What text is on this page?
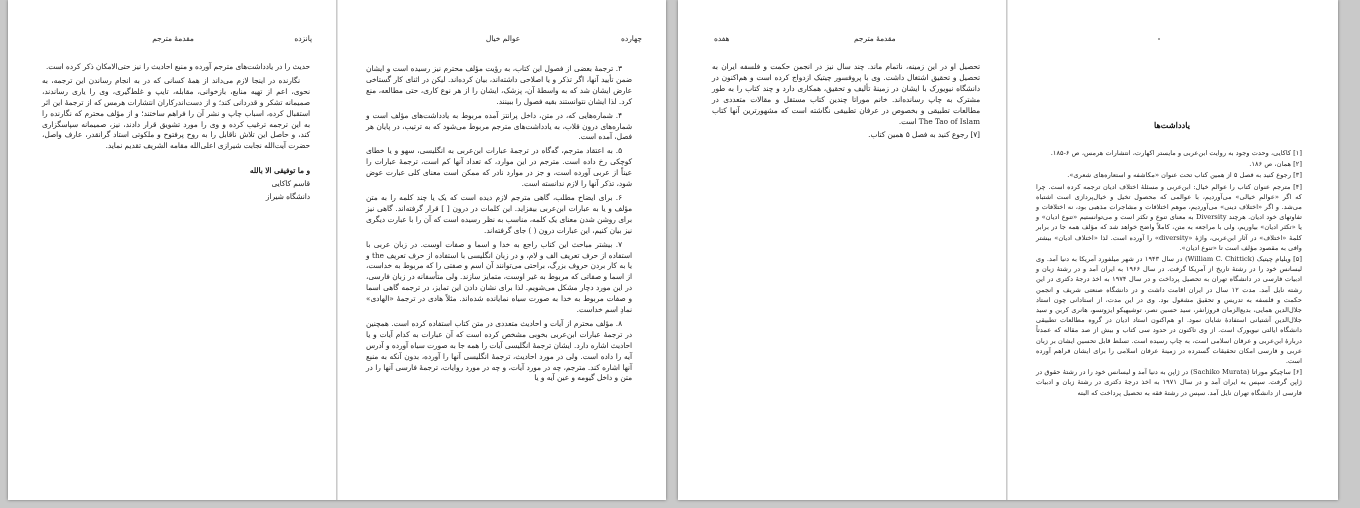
پانزده
مقدمۀ مترجم

حدیث را در یادداشت‌های مترجم آورده و منبع احادیث را نیز حتی‌الامکان ذکر کرده است.

نگارنده در اینجا لازم می‌داند از همۀ کسانی که در به انجام رساندن این ترجمه، به نحوی، اعم از تهیه منابع، بازخوانی، مقابله، تایپ و غلط‌گیری، وی را یاری رساندند، صمیمانه تشکر و قدردانی کند؛ و از دست‌اندرکاران انتشارات هرمس که از ترجمۀ این اثر استقبال کرده، اسباب چاپ و نشر آن را فراهم ساختند؛ و از مؤلف محترم که نگارنده را به این ترجمه ترغیب کرده و وی را مورد تشویق قرار دادند، نیز، صمیمانه سپاسگزاری کند، و حاصل این تلاش ناقابل را به روح پرفتوح و ملکوتی استاد گرانقدر، عارف واصل، حضرت آیت‌الله نجابت شیرازی اعلی‌الله مقامه الشریف تقدیم نماید.

و ما توفیقی الا بالله
قاسم کاکایی
دانشگاه شیراز
چهارده
عوالم خیال

۳. ترجمۀ بعضی از فصول این کتاب، به رؤیت مؤلف محترم نیز رسیده است و ایشان ضمن تأیید آنها، اگر تذکر و یا اصلاحی داشته‌اند، بیان کرده‌اند. لیکن در اثنای کار گستاخی عارض ایشان شد که به واسطۀ آن، پزشک، ایشان را از هر نوع کاری، حتی مطالعه، منع کرد. لذا ایشان نتوانستند بقیه فصول را ببینند.

۴. شماره‌هایی که، در متن، داخل پرانتز آمده مربوط به یادداشت‌های مؤلف است و شماره‌های درون قلاب، به یادداشت‌های مترجم مربوط می‌شود که به ترتیب، در پایان هر فصل، آمده است.

۵. به اعتقاد مترجم، گه‌گاه در ترجمۀ عبارات ابن‌عربی به انگلیسی، سهو و یا خطای کوچکی رخ داده است. مترجم در این موارد، که تعداد آنها کم است، ترجمۀ عبارات را عیناً از عربی آورده است، و جز در موارد نادر که ممکن است معنای کلی عبارت عوض شود، تذکر آنها را لازم ندانسته است.

۶. برای ایضاح مطلب، گاهی مترجم لازم دیده است که یک یا چند کلمه را به متن مؤلف و یا به عبارات ابن‌عربی بیفزاید. این کلمات در درون [ ] قرار گرفته‌اند. گاهی نیز برای روشن شدن معنای یک کلمه، مناسب به نظر رسیده است که آن را با عبارت دیگری نیز بیان کنیم، این عبارات درون ( ) جای گرفته‌اند.

۷. بیشتر مباحث این کتاب راجع به خدا و اسما و صفات اوست. در زبان عربی با استفاده از حرف تعریف الف و لام، و در زبان انگلیسی با استفاده از حرف تعریف the و یا به کار بردن حروف بزرگ، براحتی می‌توانند آن اسم و صفتی را که مربوط به خداست، از اسما و صفاتی که مربوط به غیر اوست، متمایز سازند. ولی متأسفانه در زبان فارسی، در این مورد دچار مشکل می‌شویم. لذا برای نشان دادن این تمایز، در ترجمه گاهی اسما و صفات مربوط به خدا به صورت سیاه نمایانده شده‌اند. مثلاً هادی در ترجمۀ «الهادی» نمادِ اسم خداست.

۸. مؤلف محترم از آیات و احادیث متعددی در متن کتاب استفاده کرده است. همچنین در ترجمۀ عبارات ابن‌عربی بخوبی مشخص کرده است که آن عبارات به کدام آیات و یا احادیث اشاره دارد. ایشان ترجمۀ انگلیسی آیات را همه جا به صورت سیاه آورده و آدرس آیه را داده است. ولی در مورد احادیث، ترجمۀ انگلیسی آنها را آورده، بدون آنکه به منبع آنها اشاره کند. مترجم، چه در مورد آیات، و چه در مورد روایات، ترجمۀ فارسی آنها را در متن و داخل گیومه و عین آیه و یا

مقدمۀ مترجم
هفده

تحصیل او در این زمینه، ناتمام ماند. چند سال نیز در انجمن حکمت و فلسفه ایران به تحصیل و تحقیق اشتغال داشت. وی با پروفسور چیتیک ازدواج کرده است و هم‌اکنون در دانشگاه نیویورک با ایشان در زمینۀ تألیف و تحقیق، همکاری دارد و چند کتاب را به طور مشترک به چاپ رسانده‌اند. خانم موراتا چندین کتاب مستقل و مقالات متعددی در مطالعات تطبیقی و بخصوص در عرفان تطبیقی نگاشته است که مشهورترین آنها کتاب The Tao of Islam است.

[۷] رجوع کنید به فصل ۵ همین کتاب.

یادداشت‌ها

[۱] کاکایی، وحدت وجود به روایت ابن‌عربی و مایستر اکهارت، انتشارات هرمس، ص ۶-۱۸۵.

[۲] همان، ص ۱۸۶.

[۳] رجوع کنید به فصل ۵ از همین کتاب تحت عنوان «مکاشفه و استعاره‌های شعری».

[۴] مترجم عنوان کتاب را عوالم خیال: ابن‌عربی و مسئلۀ اختلاف ادیان ترجمه کرده است. چرا که اگر «عوالم خیالی» می‌آوردیم، با عوالمی که محصول تخیل و خیال‌پردازی است اشتباه می‌شد. و اگر «اختلاف دینی» می‌آوردیم، موهم اختلافات و مشاجرات مذهبی بود، نه اختلافات و تفاوتهای خود ادیان. هرچند Diversity به معنای تنوع و تکثر است و می‌توانستیم «تنوع ادیان» و یا «تکثر ادیان» بیاوریم، ولی با مراجعه به متن، کاملاً واضح خواهد شد که مؤلف همه جا در برابر کلمۀ «اختلاف» در آثار ابن‌عربی، واژۀ «diversity» را آورده است. لذا «اختلاف ادیان» بیشتر وافی به مقصود مؤلف است تا «تنوع ادیان».

[۵] ویلیام چیتیک (William C. Chittick) در سال ۱۹۴۳ در شهر میلفورد آمریکا به دنیا آمد. وی لیسانس خود را در رشتۀ تاریخ از آمریکا گرفت. در سال ۱۹۶۶ به ایران آمد و در رشتۀ زبان و ادبیات فارسی در دانشگاه تهران به تحصیل پرداخت و در سال ۱۹۷۴ به اخذ درجۀ دکتری در این رشته نایل آمد. مدت ۱۲ سال در ایران اقامت داشت و در دانشگاه صنعتی شریف و انجمن حکمت و فلسفه به تدریس و تحقیق مشغول بود. وی در این مدت، از استادانی چون استاد جلال‌الدین همایی، بدیع‌الزمان فروزانفر، سید حسین نصر، توشیهیکو ایزوتسو، هانری کربن و سید جلال‌الدین آشتیانی استفادۀ شایان نمود. او هم‌اکنون استاد ادیان در گروه مطالعات تطبیقی دانشگاه ایالتی نیویورک است. از وی تاکنون در حدود سی کتاب و بیش از صد مقاله که عمدتاً دربارۀ ابن‌عربی و عرفان اسلامی است، به چاپ رسیده است. تسلط قابل تحسین ایشان بر زبان عربی و فارسی امکان تحقیقات گسترده در زمینۀ عرفان اسلامی را برای ایشان فراهم آورده است.

[۶] ساچیکو موراتا (Sachiko Murata) در ژاپن به دنیا آمد و لیسانس خود را در رشتۀ حقوق در ژاپن گرفت. سپس به ایران آمد و در سال ۱۹۷۱ به اخذ درجۀ دکتری در رشتۀ زبان و ادبیات فارسی از دانشگاه تهران نایل آمد. سپس در رشتۀ فقه به تحصیل پرداخت که البته
